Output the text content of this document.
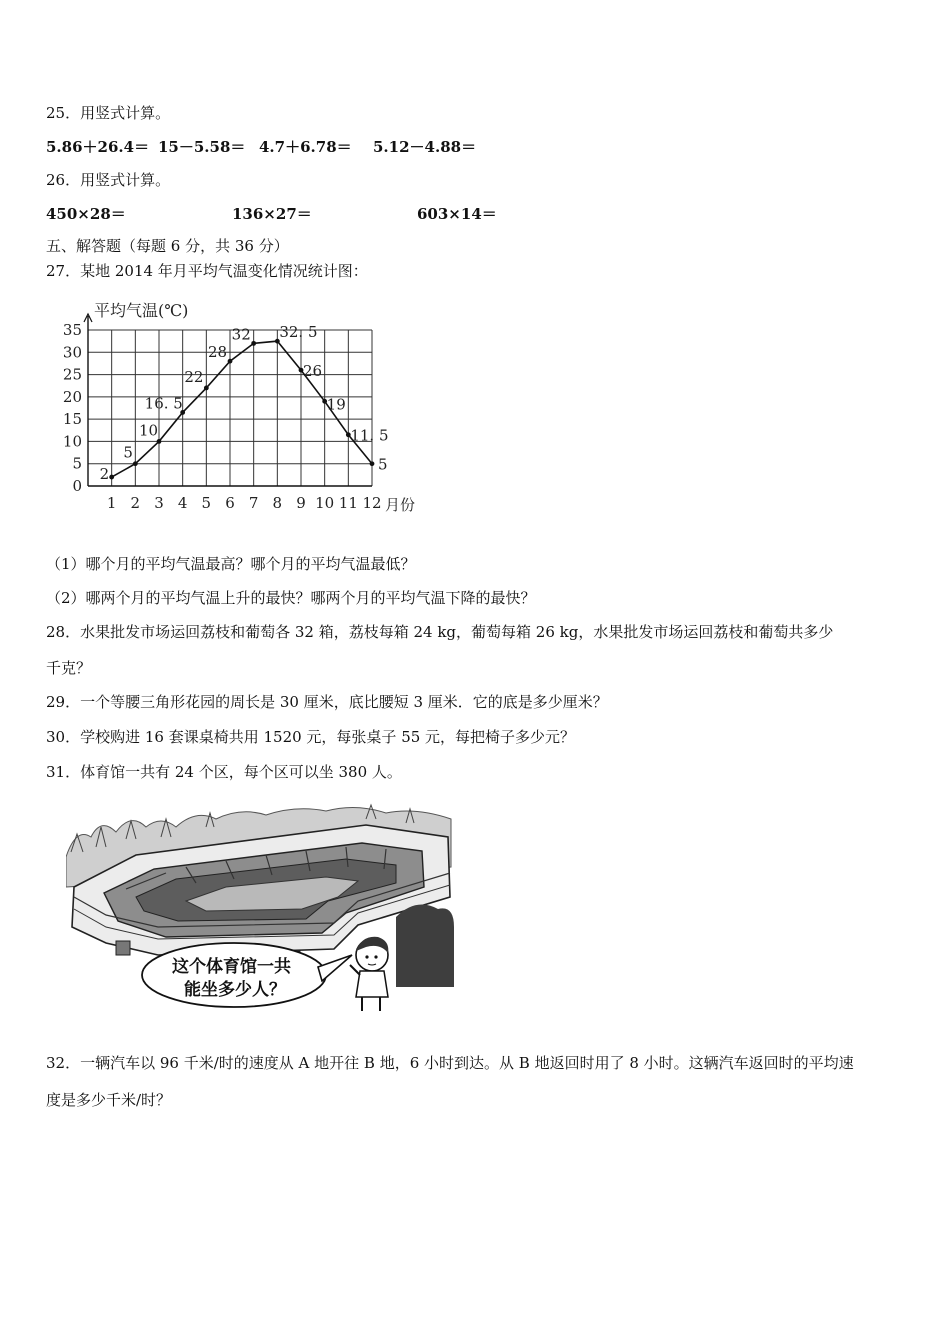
25．用竖式计算。
5.86＋26.4＝ 15－5.58＝ 4.7＋6.78＝ 5.12－4.88＝
26．用竖式计算。
450×28＝	136×27＝	603×14＝
五、解答题（每题 6 分，共 36 分）
27．某地 2014 年月平均气温变化情况统计图：
0
5
10
15
20
25
30
35
1 2 3 4 5 6 7 8 9 10 11 12
2
5
10
16. 5
22
28
32 32. 5
26
19
11. 5
5
平均气温(℃)
月份
（1）哪个月的平均气温最高？哪个月的平均气温最低？
（2）哪两个月的平均气温上升的最快？哪两个月的平均气温下降的最快？
28．水果批发市场运回荔枝和葡萄各 32 箱，荔枝每箱 24 kg，葡萄每箱 26 kg，水果批发市场运回荔枝和葡萄共多少
千克？
29．一个等腰三角形花园的周长是 30 厘米，底比腰短 3 厘米．它的底是多少厘米？
30．学校购进 16 套课桌椅共用 1520 元，每张桌子 55 元，每把椅子多少元？
31．体育馆一共有 24 个区，每个区可以坐 380 人。
这个体育馆一共
能坐多少人？
32．一辆汽车以 96 千米/时的速度从 A 地开往 B 地，6 小时到达。从 B 地返回时用了 8 小时。这辆汽车返回时的平均速
度是多少千米/时？
